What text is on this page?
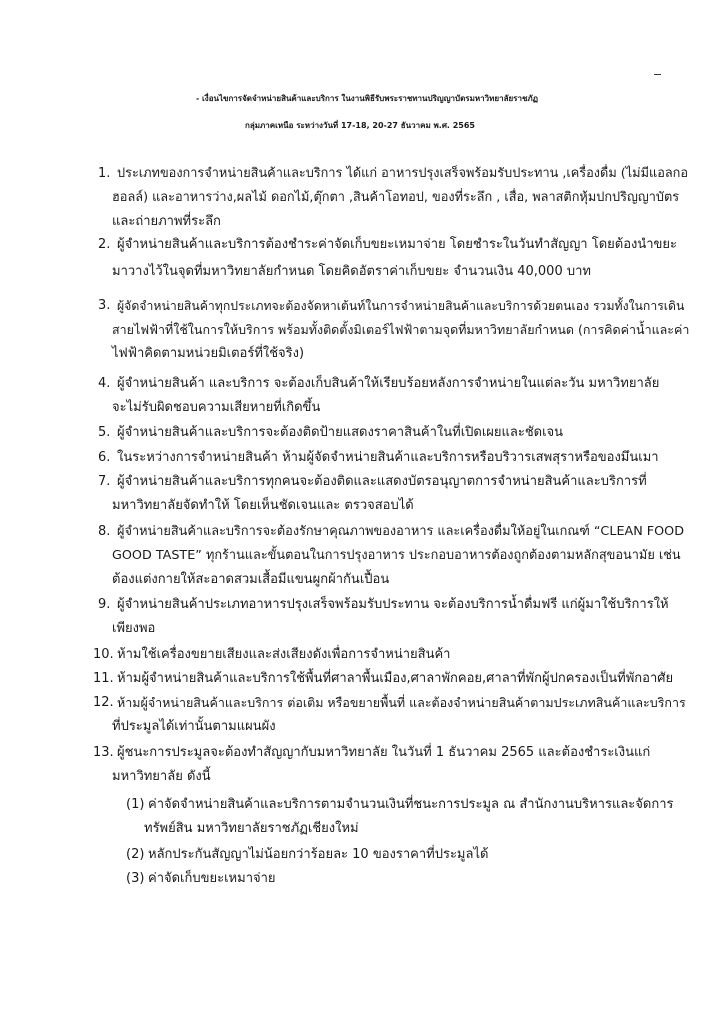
- เงื่อนไขการจัดจำหน่ายสินค้าและบริการ ในงานพิธีรับพระราชทานปริญญาบัตรมหาวิทยาลัยราชภัฏ
กลุ่มภาคเหนือ ระหว่างวันที่ 17-18, 20-27 ธันวาคม พ.ศ. 2565
1. ประเภทของการจำหน่ายสินค้าและบริการ ได้แก่ อาหารปรุงเสร็จพร้อมรับประทาน ,เครื่องดื่ม (ไม่มีแอลกอ
ฮอลล์) และอาหารว่าง,ผลไม้ ดอกไม้,ตุ๊กตา ,สินค้าโอทอป, ของที่ระลึก , เสื่อ, พลาสติกหุ้มปกปริญญาบัตร
และถ่ายภาพที่ระลึก
2. ผู้จำหน่ายสินค้าและบริการต้องชำระค่าจัดเก็บขยะเหมาจ่าย โดยชำระในวันทำสัญญา โดยต้องนำขยะ
มาวางไว้ในจุดที่มหาวิทยาลัยกำหนด โดยคิดอัตราค่าเก็บขยะ จำนวนเงิน 40,000 บาท
3. ผู้จัดจำหน่ายสินค้าทุกประเภทจะต้องจัดหาเต้นท์ในการจำหน่ายสินค้าและบริการด้วยตนเอง รวมทั้งในการเดิน
สายไฟฟ้าที่ใช้ในการให้บริการ พร้อมทั้งติดตั้งมิเตอร์ไฟฟ้าตามจุดที่มหาวิทยาลัยกำหนด (การคิดค่าน้ำและค่า
ไฟฟ้าคิดตามหน่วยมิเตอร์ที่ใช้จริง)
4. ผู้จำหน่ายสินค้า และบริการ จะต้องเก็บสินค้าให้เรียบร้อยหลังการจำหน่ายในแต่ละวัน มหาวิทยาลัย
จะไม่รับผิดชอบความเสียหายที่เกิดขึ้น
5. ผู้จำหน่ายสินค้าและบริการจะต้องติดป้ายแสดงราคาสินค้าในที่เปิดเผยและชัดเจน
6. ในระหว่างการจำหน่ายสินค้า ห้ามผู้จัดจำหน่ายสินค้าและบริการหรือบริวารเสพสุราหรือของมึนเมา
7. ผู้จำหน่ายสินค้าและบริการทุกคนจะต้องติดและแสดงบัตรอนุญาตการจำหน่ายสินค้าและบริการที่
มหาวิทยาลัยจัดทำให้ โดยเห็นชัดเจนและ ตรวจสอบได้
8. ผู้จำหน่ายสินค้าและบริการจะต้องรักษาคุณภาพของอาหาร และเครื่องดื่มให้อยู่ในเกณฑ์ “CLEAN FOOD
GOOD TASTE” ทุกร้านและขั้นตอนในการปรุงอาหาร ประกอบอาหารต้องถูกต้องตามหลักสุขอนามัย เช่น
ต้องแต่งกายให้สะอาดสวมเสื้อมีแขนผูกผ้ากันเปื้อน
9. ผู้จำหน่ายสินค้าประเภทอาหารปรุงเสร็จพร้อมรับประทาน จะต้องบริการน้ำดื่มฟรี แก่ผู้มาใช้บริการให้
เพียงพอ
10. ห้ามใช้เครื่องขยายเสียงและส่งเสียงดังเพื่อการจำหน่ายสินค้า
11. ห้ามผู้จำหน่ายสินค้าและบริการใช้พื้นที่ศาลาพื้นเมือง,ศาลาพักคอย,ศาลาที่พักผู้ปกครองเป็นที่พักอาศัย
12. ห้ามผู้จำหน่ายสินค้าและบริการ ต่อเติม หรือขยายพื้นที่ และต้องจำหน่ายสินค้าตามประเภทสินค้าและบริการ
ที่ประมูลได้เท่านั้นตามแผนผัง
13. ผู้ชนะการประมูลจะต้องทำสัญญากับมหาวิทยาลัย ในวันที่ 1 ธันวาคม 2565 และต้องชำระเงินแก่
มหาวิทยาลัย ดังนี้
(1) ค่าจัดจำหน่ายสินค้าและบริการตามจำนวนเงินที่ชนะการประมูล ณ สำนักงานบริหารและจัดการ
ทรัพย์สิน มหาวิทยาลัยราชภัฏเชียงใหม่
(2) หลักประกันสัญญาไม่น้อยกว่าร้อยละ 10 ของราคาที่ประมูลได้
(3) ค่าจัดเก็บขยะเหมาจ่าย
